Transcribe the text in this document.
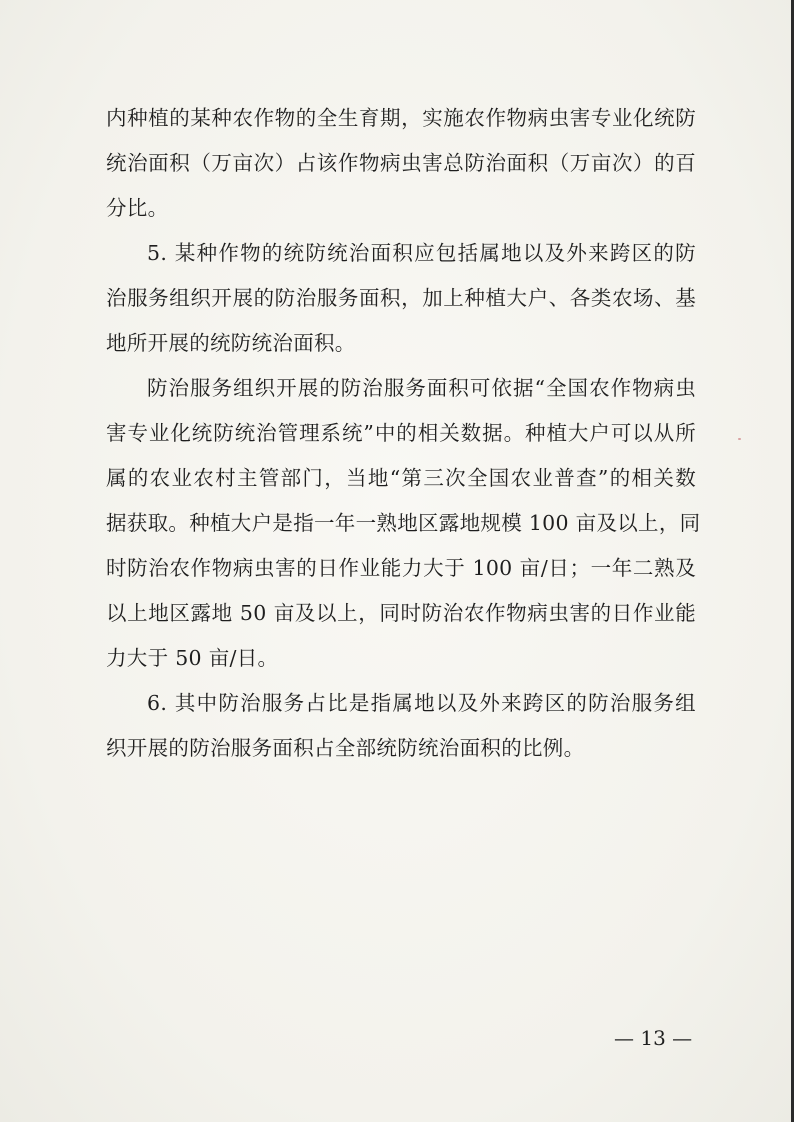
内种植的某种农作物的全生育期，实施农作物病虫害专业化统防
统治面积（万亩次）占该作物病虫害总防治面积（万亩次）的百
分比。
5. 某种作物的统防统治面积应包括属地以及外来跨区的防
治服务组织开展的防治服务面积，加上种植大户、各类农场、基
地所开展的统防统治面积。
防治服务组织开展的防治服务面积可依据“全国农作物病虫
害专业化统防统治管理系统”中的相关数据。种植大户可以从所
属的农业农村主管部门，当地“第三次全国农业普查”的相关数
据获取。种植大户是指一年一熟地区露地规模 100 亩及以上，同
时防治农作物病虫害的日作业能力大于 100 亩/日；一年二熟及
以上地区露地 50 亩及以上，同时防治农作物病虫害的日作业能
力大于 50 亩/日。
6. 其中防治服务占比是指属地以及外来跨区的防治服务组
织开展的防治服务面积占全部统防统治面积的比例。
— 13 —
